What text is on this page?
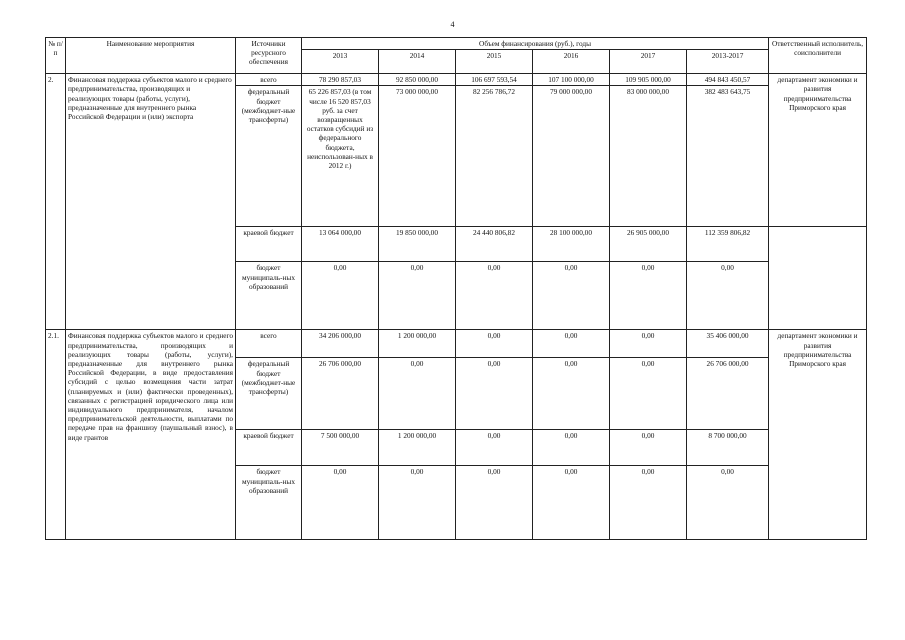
4
№ п/п	Наименование мероприятия	Источники ресурсного обеспечения	Объем финансирования (руб.), годы						Ответственный исполнитель, соисполнители
			2013	2014	2015	2016	2017	2013-2017	
2.	Финансовая поддержка субъектов малого и среднего предпринимательства, производящих и реализующих товары (работы, услуги), предназначенные для внутреннего рынка Российской Федерации и (или) экспорта	всего	78 290 857,03	92 850 000,00	106 697 593,54	107 100 000,00	109 905 000,00	494 843 450,57	департамент экономики и развития предпринимательства Приморского края
		федеральный бюджет (межбюджет-ные трансферты)	65 226 857,03 (в том числе 16 520 857,03 руб. за счет возвращенных остатков субсидий из федерального бюджета, неиспользован-ных в 2012 г.)	73 000 000,00	82 256 786,72	79 000 000,00	83 000 000,00	382 483 643,75	
		краевой бюджет	13 064 000,00	19 850 000,00	24 440 806,82	28 100 000,00	26 905 000,00	112 359 806,82	
		бюджет муниципаль-ных образований	0,00	0,00	0,00	0,00	0,00	0,00	
2.1.	Финансовая поддержка субъектов малого и среднего предпринимательства, производящих и реализующих товары (работы, услуги), предназначенные для внутреннего рынка Российской Федерации, в виде предоставления субсидий с целью возмещения части затрат (планируемых и (или) фактически проведенных), связанных с регистрацией юридического лица или индивидуального предпринимателя, началом предпринимательской деятельности, выплатами по передаче прав на франшизу (паушальный взнос), в виде грантов	всего	34 206 000,00	1 200 000,00	0,00	0,00	0,00	35 406 000,00	департамент экономики и развития предпринимательства Приморского края
		федеральный бюджет (межбюджет-ные трансферты)	26 706 000,00	0,00	0,00	0,00	0,00	26 706 000,00	
		краевой бюджет	7 500 000,00	1 200 000,00	0,00	0,00	0,00	8 700 000,00	
		бюджет муниципаль-ных образований	0,00	0,00	0,00	0,00	0,00	0,00	
